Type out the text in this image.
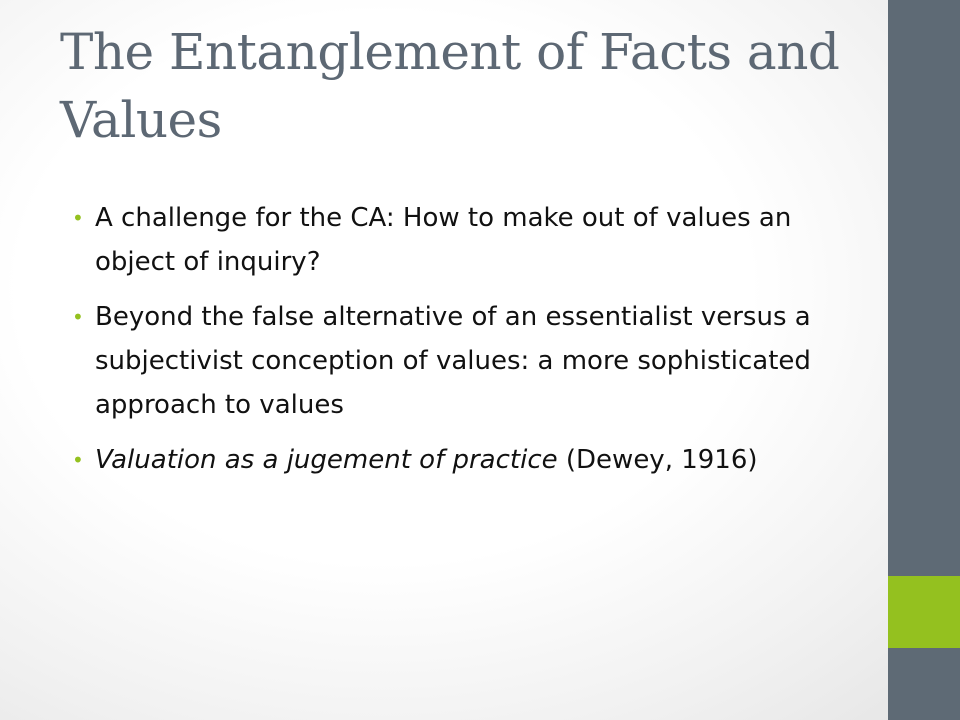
The Entanglement of Facts and Values
• A challenge for the CA: How to make out of values an object of inquiry?
• Beyond the false alternative of an essentialist versus a subjectivist conception of values: a more sophisticated approach to values
• Valuation as a jugement of practice (Dewey, 1916)
